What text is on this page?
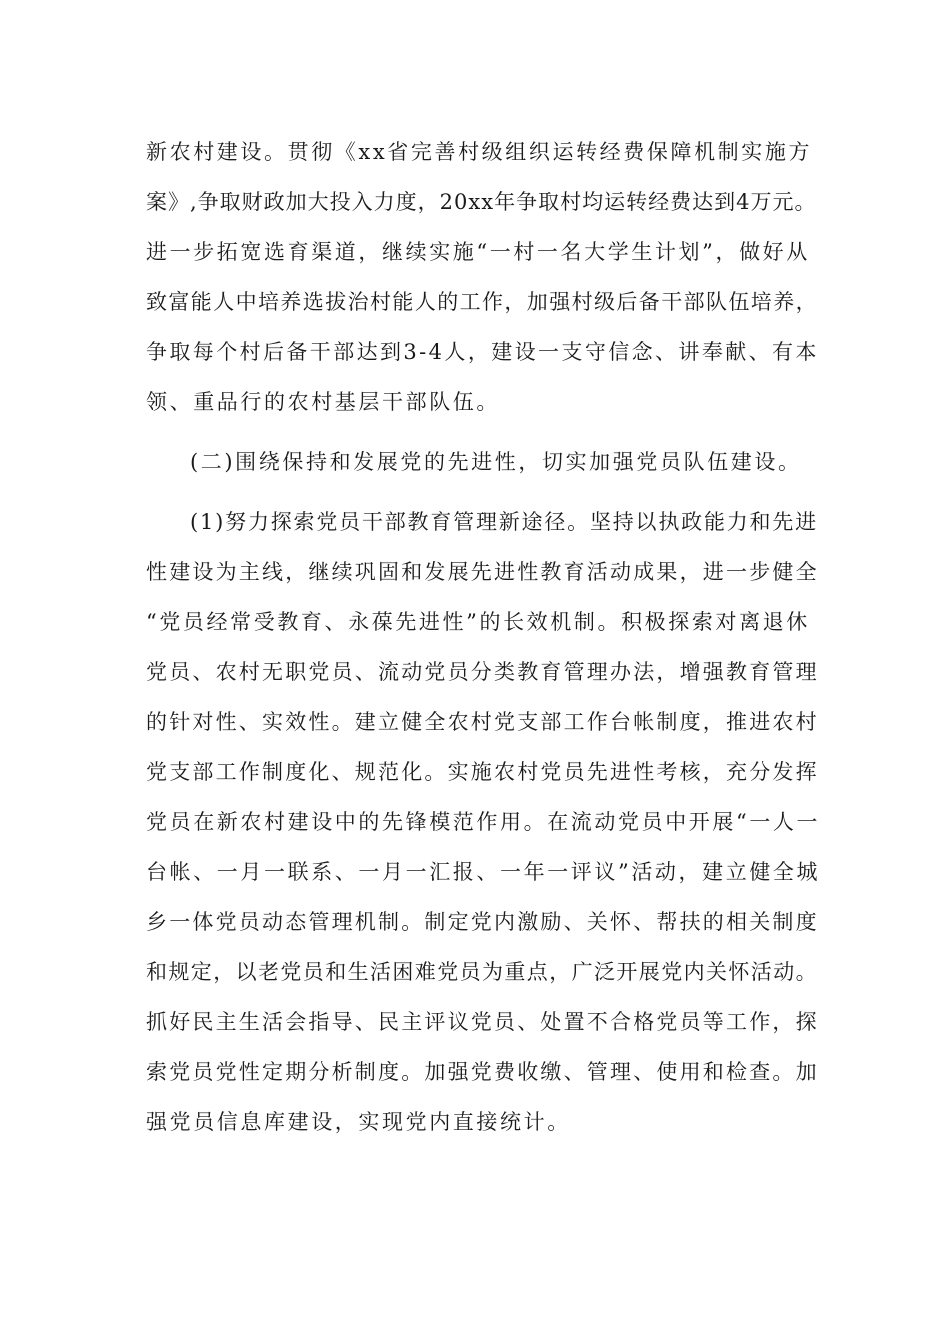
新农村建设。贯彻《xx省完善村级组织运转经费保障机制实施方
案》,争取财政加大投入力度，20xx年争取村均运转经费达到4万元。
进一步拓宽选育渠道，继续实施“一村一名大学生计划”，做好从
致富能人中培养选拔治村能人的工作，加强村级后备干部队伍培养，
争取每个村后备干部达到3-4人，建设一支守信念、讲奉献、有本
领、重品行的农村基层干部队伍。
(二)围绕保持和发展党的先进性，切实加强党员队伍建设。
(1)努力探索党员干部教育管理新途径。坚持以执政能力和先进
性建设为主线，继续巩固和发展先进性教育活动成果，进一步健全
“党员经常受教育、永葆先进性”的长效机制。积极探索对离退休
党员、农村无职党员、流动党员分类教育管理办法，增强教育管理
的针对性、实效性。建立健全农村党支部工作台帐制度，推进农村
党支部工作制度化、规范化。实施农村党员先进性考核，充分发挥
党员在新农村建设中的先锋模范作用。在流动党员中开展“一人一
台帐、一月一联系、一月一汇报、一年一评议”活动，建立健全城
乡一体党员动态管理机制。制定党内激励、关怀、帮扶的相关制度
和规定，以老党员和生活困难党员为重点，广泛开展党内关怀活动。
抓好民主生活会指导、民主评议党员、处置不合格党员等工作，探
索党员党性定期分析制度。加强党费收缴、管理、使用和检查。加
强党员信息库建设，实现党内直接统计。
